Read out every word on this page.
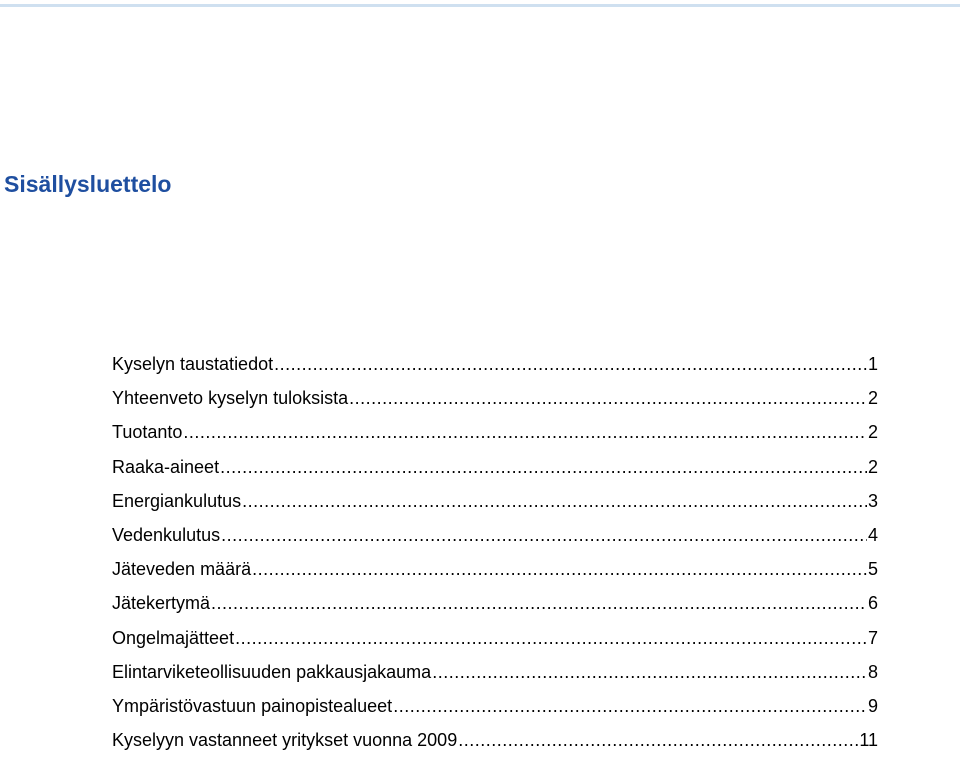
Sisällysluettelo
Kyselyn taustatiedot .....	1
Yhteenveto kyselyn tuloksista .....	2
Tuotanto .....	2
Raaka-aineet .....	2
Energiankulutus .....	3
Vedenkulutus .....	4
Jäteveden määrä .....	5
Jätekertymä .....	6
Ongelmajätteet .....	7
Elintarviketeollisuuden pakkausjakauma .....	8
Ympäristövastuun painopistealueet .....	9
Kyselyyn vastanneet yritykset vuonna 2009 .....	11
